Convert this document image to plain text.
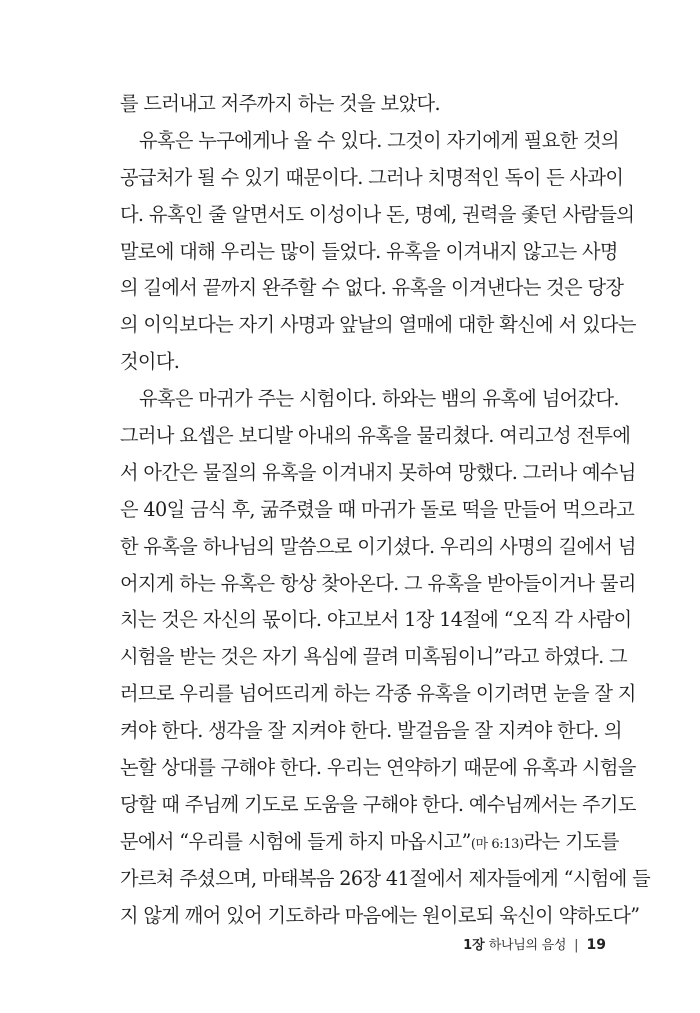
를 드러내고 저주까지 하는 것을 보았다.
유혹은 누구에게나 올 수 있다. 그것이 자기에게 필요한 것의
공급처가 될 수 있기 때문이다. 그러나 치명적인 독이 든 사과이
다. 유혹인 줄 알면서도 이성이나 돈, 명예, 권력을 좇던 사람들의
말로에 대해 우리는 많이 들었다. 유혹을 이겨내지 않고는 사명
의 길에서 끝까지 완주할 수 없다. 유혹을 이겨낸다는 것은 당장
의 이익보다는 자기 사명과 앞날의 열매에 대한 확신에 서 있다는
것이다.
유혹은 마귀가 주는 시험이다. 하와는 뱀의 유혹에 넘어갔다.
그러나 요셉은 보디발 아내의 유혹을 물리쳤다. 여리고성 전투에
서 아간은 물질의 유혹을 이겨내지 못하여 망했다. 그러나 예수님
은 40일 금식 후, 굶주렸을 때 마귀가 돌로 떡을 만들어 먹으라고
한 유혹을 하나님의 말씀으로 이기셨다. 우리의 사명의 길에서 넘
어지게 하는 유혹은 항상 찾아온다. 그 유혹을 받아들이거나 물리
치는 것은 자신의 몫이다. 야고보서 1장 14절에 “오직 각 사람이
시험을 받는 것은 자기 욕심에 끌려 미혹됨이니”라고 하였다. 그
러므로 우리를 넘어뜨리게 하는 각종 유혹을 이기려면 눈을 잘 지
켜야 한다. 생각을 잘 지켜야 한다. 발걸음을 잘 지켜야 한다. 의
논할 상대를 구해야 한다. 우리는 연약하기 때문에 유혹과 시험을
당할 때 주님께 기도로 도움을 구해야 한다. 예수님께서는 주기도
문에서 “우리를 시험에 들게 하지 마옵시고”(마 6:13)라는 기도를
가르쳐 주셨으며, 마태복음 26장 41절에서 제자들에게 “시험에 들
지 않게 깨어 있어 기도하라 마음에는 원이로되 육신이 약하도다”
1장 하나님의 음성 | 19
